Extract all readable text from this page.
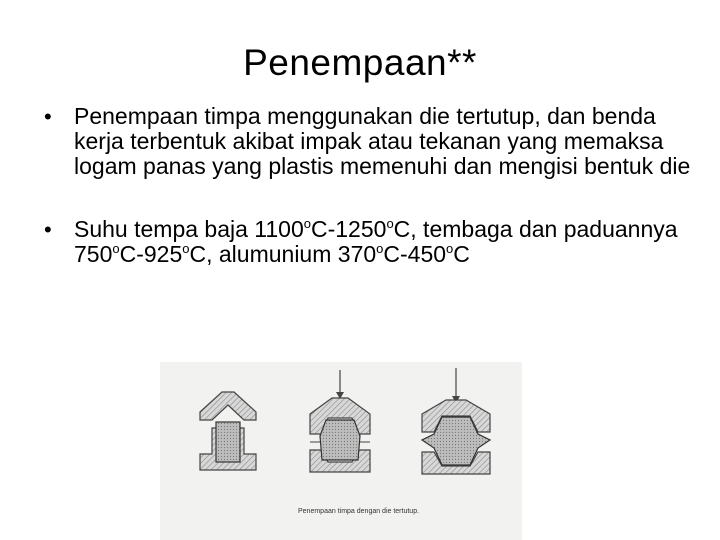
Penempaan**
• Penempaan timpa menggunakan die tertutup, dan benda kerja terbentuk akibat impak atau tekanan yang memaksa logam panas yang plastis memenuhi dan mengisi bentuk die
• Suhu tempa baja 1100$^o$C-1250$^o$C, tembaga dan paduannya 750$^o$C-925$^o$C, alumunium 370$^o$C-450$^o$C
Penempaan timpa dengan die tertutup.
